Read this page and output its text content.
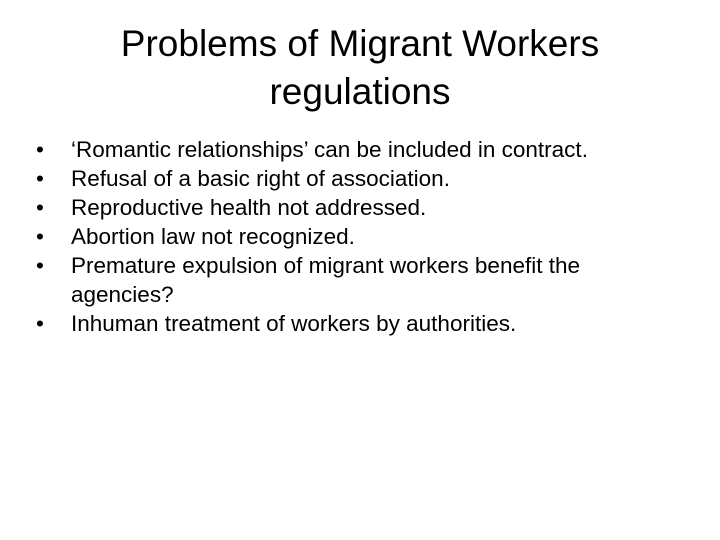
Problems of Migrant Workers regulations
• ‘Romantic relationships’ can be included in contract.
• Refusal of a basic right of association.
• Reproductive health not addressed.
• Abortion law not recognized.
• Premature expulsion of migrant workers benefit the agencies?
• Inhuman treatment of workers by authorities.
